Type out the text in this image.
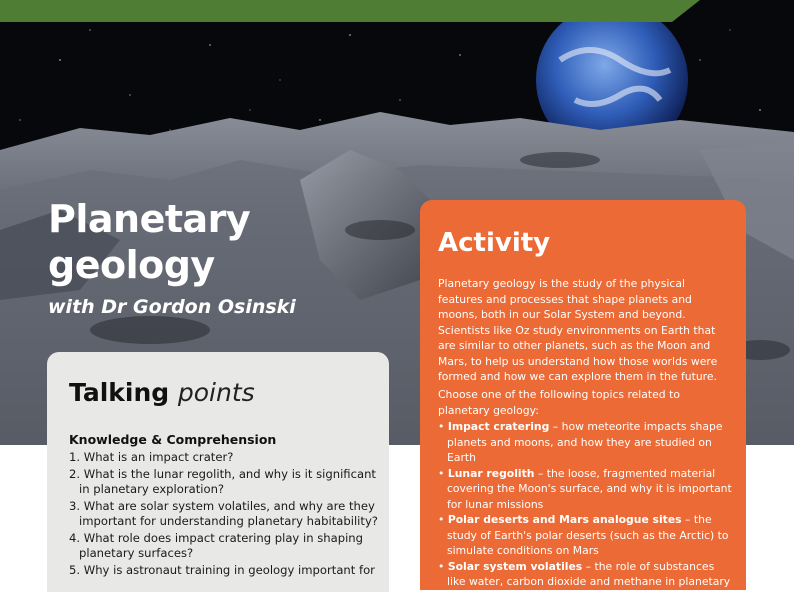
Planetary
geology

with Dr Gordon Osinski

Talking points

Knowledge & Comprehension

1. What is an impact crater?
2. What is the lunar regolith, and why is it significant in planetary exploration?
3. What are solar system volatiles, and why are they important for understanding planetary habitability?
4. What role does impact cratering play in shaping planetary surfaces?
5. Why is astronaut training in geology important for
Activity

Planetary geology is the study of the physical features and processes that shape planets and moons, both in our Solar System and beyond. Scientists like Oz study environments on Earth that are similar to other planets, such as the Moon and Mars, to help us understand how those worlds were formed and how we can explore them in the future.

Choose one of the following topics related to planetary geology:

• Impact cratering – how meteorite impacts shape planets and moons, and how they are studied on Earth
• Lunar regolith – the loose, fragmented material covering the Moon's surface, and why it is important for lunar missions
• Polar deserts and Mars analogue sites – the study of Earth's polar deserts (such as the Arctic) to simulate conditions on Mars
• Solar system volatiles – the role of substances like water, carbon dioxide and methane in planetary formation and
